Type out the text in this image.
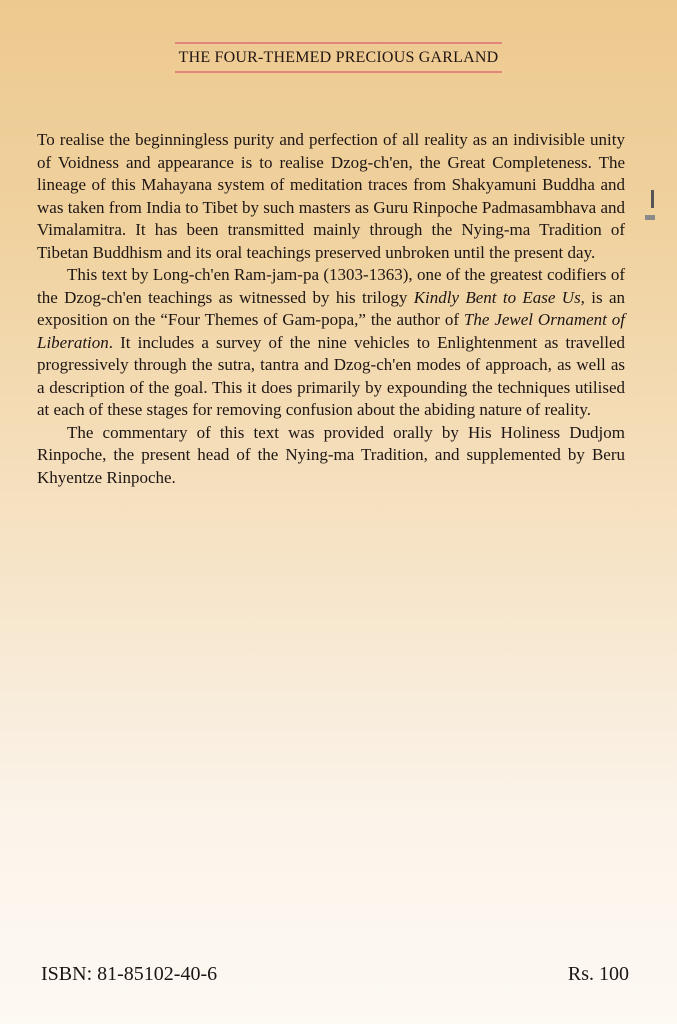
THE FOUR-THEMED PRECIOUS GARLAND

To realise the beginningless purity and perfection of all reality as an indivisible unity of Voidness and appearance is to realise Dzog-ch'en, the Great Completeness. The lineage of this Mahayana system of meditation traces from Shakyamuni Buddha and was taken from India to Tibet by such masters as Guru Rinpoche Padmasambhava and Vimalamitra. It has been transmitted mainly through the Nying-ma Tradition of Tibetan Buddhism and its oral teachings preserved unbroken until the present day.

This text by Long-ch'en Ram-jam-pa (1303-1363), one of the greatest codifiers of the Dzog-ch'en teachings as witnessed by his trilogy Kindly Bent to Ease Us, is an exposition on the “Four Themes of Gam-popa,” the author of The Jewel Ornament of Liberation. It includes a survey of the nine vehicles to Enlightenment as travelled progressively through the sutra, tantra and Dzog-ch'en modes of approach, as well as a description of the goal. This it does primarily by expounding the techniques utilised at each of these stages for removing confusion about the abiding nature of reality.

The commentary of this text was provided orally by His Holiness Dudjom Rinpoche, the present head of the Nying-ma Tradition, and supplemented by Beru Khyentze Rinpoche.

ISBN: 81-85102-40-6	Rs. 100
